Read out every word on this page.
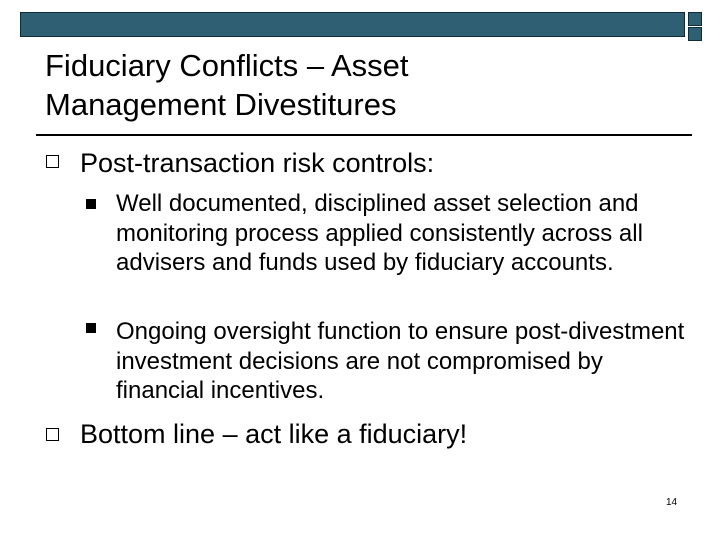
Fiduciary Conflicts – Asset
Management Divestitures
Post-transaction risk controls:
Well documented, disciplined asset selection and monitoring process applied consistently across all advisers and funds used by fiduciary accounts.
Ongoing oversight function to ensure post-divestment investment decisions are not compromised by financial incentives.
Bottom line – act like a fiduciary!
14
